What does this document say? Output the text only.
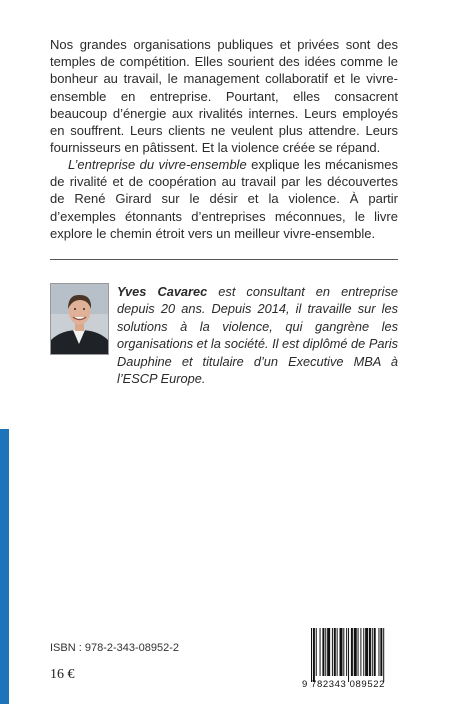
Nos grandes organisations publiques et privées sont des temples de compétition. Elles sourient des idées comme le bonheur au travail, le management collaboratif et le vivre-ensemble en entreprise. Pourtant, elles consacrent beaucoup d’énergie aux rivalités internes. Leurs employés en souffrent. Leurs clients ne veulent plus attendre. Leurs fournisseurs en pâtissent. Et la violence créée se répand.

L’entreprise du vivre-ensemble explique les mécanismes de rivalité et de coopération au travail par les découvertes de René Girard sur le désir et la violence. À partir d’exemples étonnants d’entreprises méconnues, le livre explore le chemin étroit vers un meilleur vivre-ensemble.

Yves Cavarec est consultant en entreprise depuis 20 ans. Depuis 2014, il travaille sur les solutions à la violence, qui gangrène les organisations et la société. Il est diplômé de Paris Dauphine et titulaire d’un Executive MBA à l’ESCP Europe.

ISBN : 978-2-343-08952-2
16 €
9 782343 089522
